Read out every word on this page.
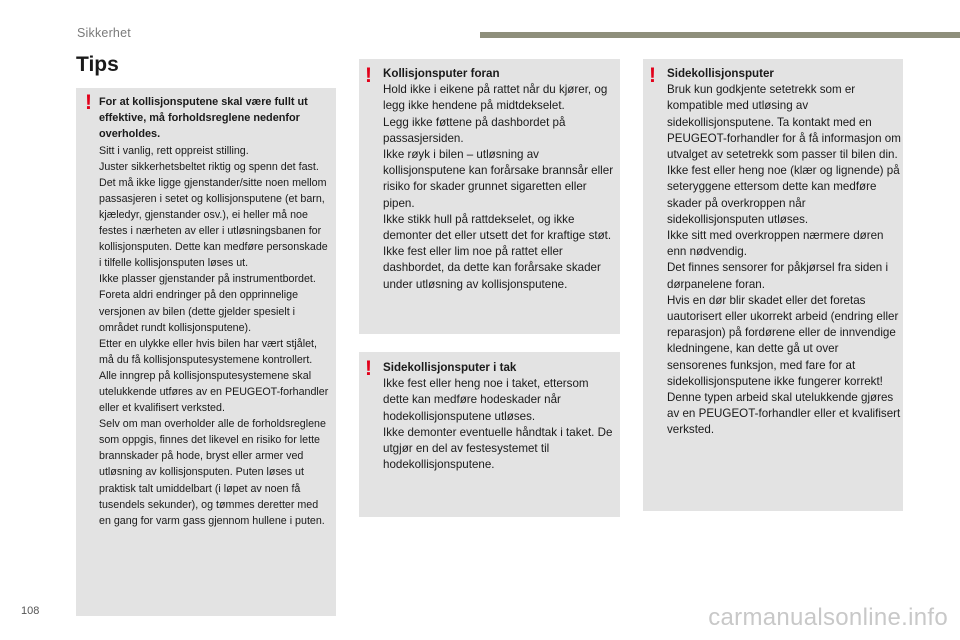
Sikkerhet
Tips
! For at kollisjonsputene skal være fullt ut effektive, må forholdsreglene nedenfor overholdes.

Sitt i vanlig, rett oppreist stilling.

Juster sikkerhetsbeltet riktig og spenn det fast.

Det må ikke ligge gjenstander/sitte noen mellom passasjeren i setet og kollisjonsputene (et barn, kjæledyr, gjenstander osv.), ei heller må noe festes i nærheten av eller i utløsningsbanen for kollisjonsputen. Dette kan medføre personskade i tilfelle kollisjonsputen løses ut.

Ikke plasser gjenstander på instrumentbordet.

Foreta aldri endringer på den opprinnelige versjonen av bilen (dette gjelder spesielt i området rundt kollisjonsputene).

Etter en ulykke eller hvis bilen har vært stjålet, må du få kollisjonsputesystemene kontrollert.

Alle inngrep på kollisjonsputesystemene skal utelukkende utføres av en PEUGEOT-forhandler eller et kvalifisert verksted.

Selv om man overholder alle de forholdsreglene som oppgis, finnes det likevel en risiko for lette brannskader på hode, bryst eller armer ved utløsning av kollisjonsputen. Puten løses ut praktisk talt umiddelbart (i løpet av noen få tusendels sekunder), og tømmes deretter med en gang for varm gass gjennom hullene i puten.

! Kollisjonsputer foran

Hold ikke i eikene på rattet når du kjører, og legg ikke hendene på midtdekselet.

Legg ikke føttene på dashbordet på passasjersiden.

Ikke røyk i bilen – utløsning av kollisjonsputene kan forårsake brannsår eller risiko for skader grunnet sigaretten eller pipen.

Ikke stikk hull på rattdekselet, og ikke demonter det eller utsett det for kraftige støt.

Ikke fest eller lim noe på rattet eller dashbordet, da dette kan forårsake skader under utløsning av kollisjonsputene.

! Sidekollisjonsputer i tak

Ikke fest eller heng noe i taket, ettersom dette kan medføre hodeskader når hodekollisjonsputene utløses.

Ikke demonter eventuelle håndtak i taket. De utgjør en del av festesystemet til hodekollisjonsputene.

! Sidekollisjonsputer

Bruk kun godkjente setetrekk som er kompatible med utløsing av sidekollisjonsputene. Ta kontakt med en PEUGEOT-forhandler for å få informasjon om utvalget av setetrekk som passer til bilen din.

Ikke fest eller heng noe (klær og lignende) på seteryggene ettersom dette kan medføre skader på overkroppen når sidekollisjonsputen utløses.

Ikke sitt med overkroppen nærmere døren enn nødvendig.

Det finnes sensorer for påkjørsel fra siden i dørpanelene foran.

Hvis en dør blir skadet eller det foretas uautorisert eller ukorrekt arbeid (endring eller reparasjon) på fordørene eller de innvendige kledningene, kan dette gå ut over sensorenes funksjon, med fare for at sidekollisjonsputene ikke fungerer korrekt! Denne typen arbeid skal utelukkende gjøres av en PEUGEOT-forhandler eller et kvalifisert verksted.

108	carmanualsonline.info
